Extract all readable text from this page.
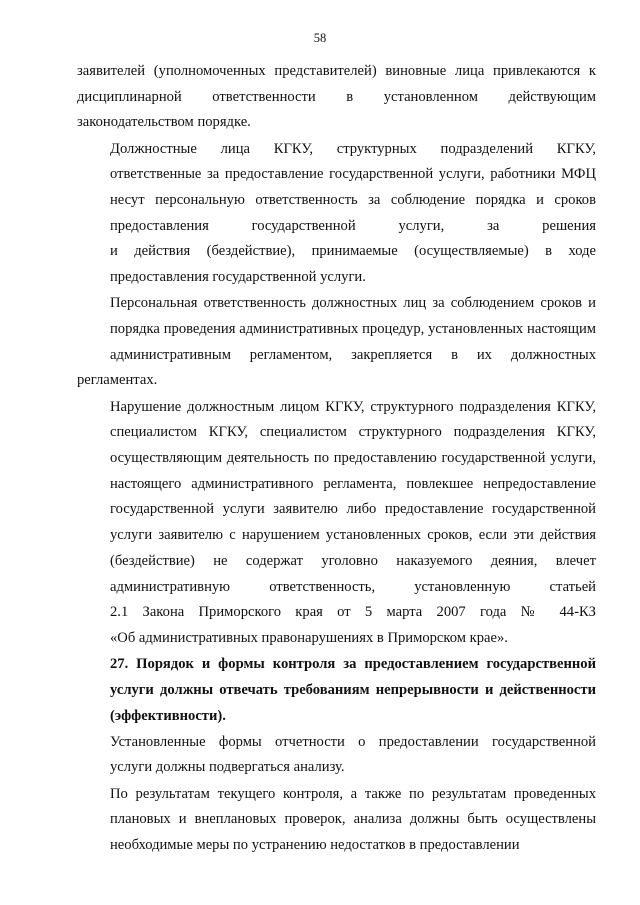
58
заявителей (уполномоченных представителей) виновные лица привлекаются к
дисциплинарной ответственности в установленном действующим
законодательством порядке.
Должностные лица КГКУ, структурных подразделений КГКУ,
ответственные за предоставление государственной услуги, работники МФЦ
несут персональную ответственность за соблюдение порядка и сроков
предоставления государственной услуги, за решения
и действия (бездействие), принимаемые (осуществляемые) в ходе
предоставления государственной услуги.
Персональная ответственность должностных лиц за соблюдением сроков и
порядка проведения административных процедур, установленных настоящим
административным регламентом, закрепляется в их должностных регламентах.
Нарушение должностным лицом КГКУ, структурного подразделения КГКУ,
специалистом КГКУ, специалистом структурного подразделения КГКУ,
осуществляющим деятельность по предоставлению государственной услуги,
настоящего административного регламента, повлекшее непредоставление
государственной услуги заявителю либо предоставление государственной
услуги заявителю с нарушением установленных сроков, если эти действия
(бездействие) не содержат уголовно наказуемого деяния, влечет
административную ответственность, установленную статьей
2.1 Закона Приморского края от 5 марта 2007 года № 44-КЗ
«Об административных правонарушениях в Приморском крае».
27. Порядок и формы контроля за предоставлением государственной
услуги должны отвечать требованиям непрерывности и действенности
(эффективности).
Установленные формы отчетности о предоставлении государственной
услуги должны подвергаться анализу.
По результатам текущего контроля, а также по результатам проведенных
плановых и внеплановых проверок, анализа должны быть осуществлены
необходимые меры по устранению недостатков в предоставлении
